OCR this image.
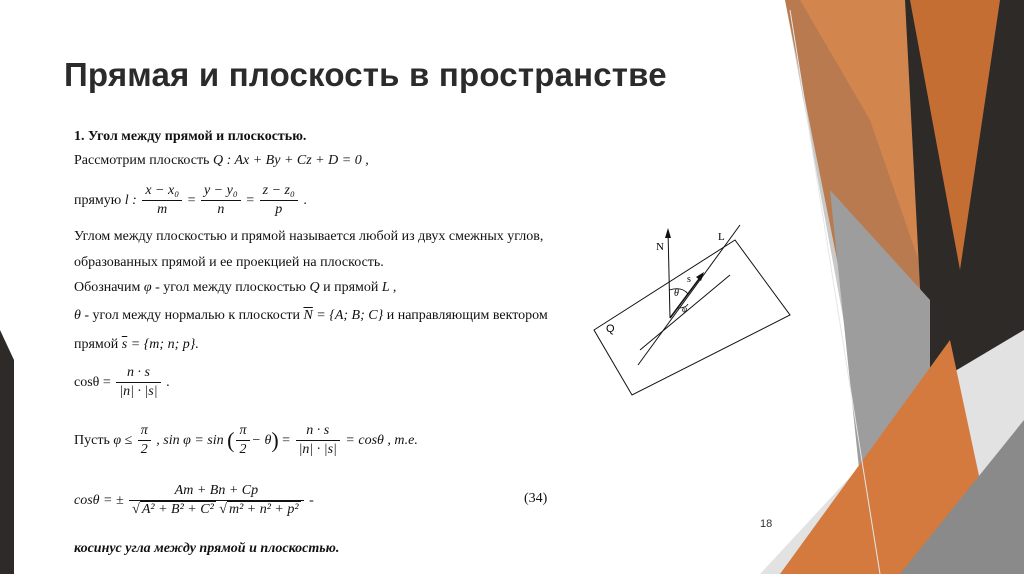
Прямая и плоскость в пространстве
1. Угол между прямой и плоскостью.
Рассмотрим плоскость Q : Ax + By + Cz + D = 0 ,
прямую l : $\frac{\text{x − x₀}}{m} = \frac{\text{y − y₀}}{n} = \frac{\text{z − z₀}}{p}$ .
Углом между плоскостью и прямой называется любой из двух смежных углов,
образованных прямой и ее проекцией на плоскость.
Обозначим φ - угол между плоскостью Q и прямой L ,
θ - угол между нормалью к плоскости $\overline{N} = \{A$; B; C} и направляющим вектором
прямой $\overline{s} = \{m$; n; p}.
$\cos\theta = \frac{n \cdot s}{|n| \cdot |s|}$ .
Пусть $\varphi \le \frac{\pi}{2}$ , sin φ = sin ( $\frac{\pi}{2} - \theta) = \frac{n \cdot s}{|n| \cdot |s|} = \cos\theta$ , т.е.
cosθ = ± $\frac{Am + Bn + Cp}{\text{√ A² + B² + C² √ m² + n² + p²}}$ -	(34)
косинус угла между прямой и плоскостью.
N
L
s
θ
φ
Q
18
